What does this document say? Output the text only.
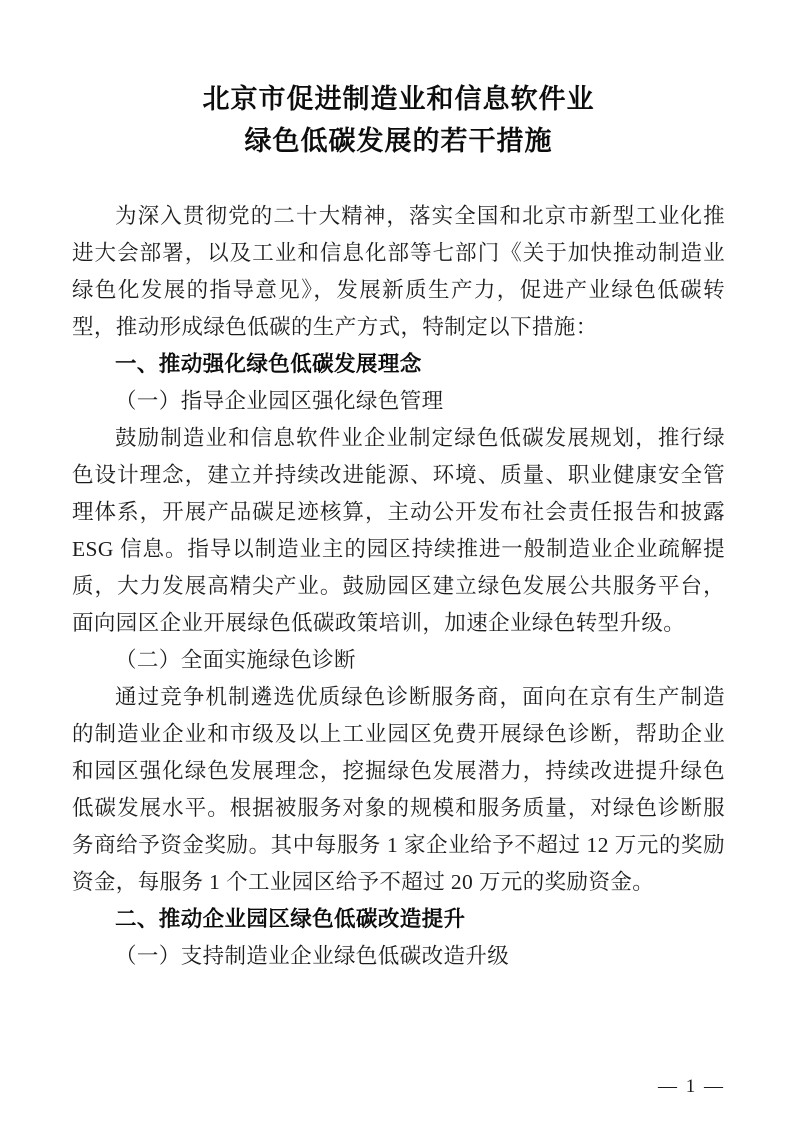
北京市促进制造业和信息软件业
绿色低碳发展的若干措施

为深入贯彻党的二十大精神，落实全国和北京市新型工业化推进大会部署，以及工业和信息化部等七部门《关于加快推动制造业绿色化发展的指导意见》，发展新质生产力，促进产业绿色低碳转型，推动形成绿色低碳的生产方式，特制定以下措施：

一、推动强化绿色低碳发展理念

（一）指导企业园区强化绿色管理

鼓励制造业和信息软件业企业制定绿色低碳发展规划，推行绿色设计理念，建立并持续改进能源、环境、质量、职业健康安全管理体系，开展产品碳足迹核算，主动公开发布社会责任报告和披露 ESG 信息。指导以制造业主的园区持续推进一般制造业企业疏解提质，大力发展高精尖产业。鼓励园区建立绿色发展公共服务平台，面向园区企业开展绿色低碳政策培训，加速企业绿色转型升级。

（二）全面实施绿色诊断

通过竞争机制遴选优质绿色诊断服务商，面向在京有生产制造的制造业企业和市级及以上工业园区免费开展绿色诊断，帮助企业和园区强化绿色发展理念，挖掘绿色发展潜力，持续改进提升绿色低碳发展水平。根据被服务对象的规模和服务质量，对绿色诊断服务商给予资金奖励。其中每服务 1 家企业给予不超过 12 万元的奖励资金，每服务 1 个工业园区给予不超过 20 万元的奖励资金。

二、推动企业园区绿色低碳改造提升

（一）支持制造业企业绿色低碳改造升级

— 1 —
